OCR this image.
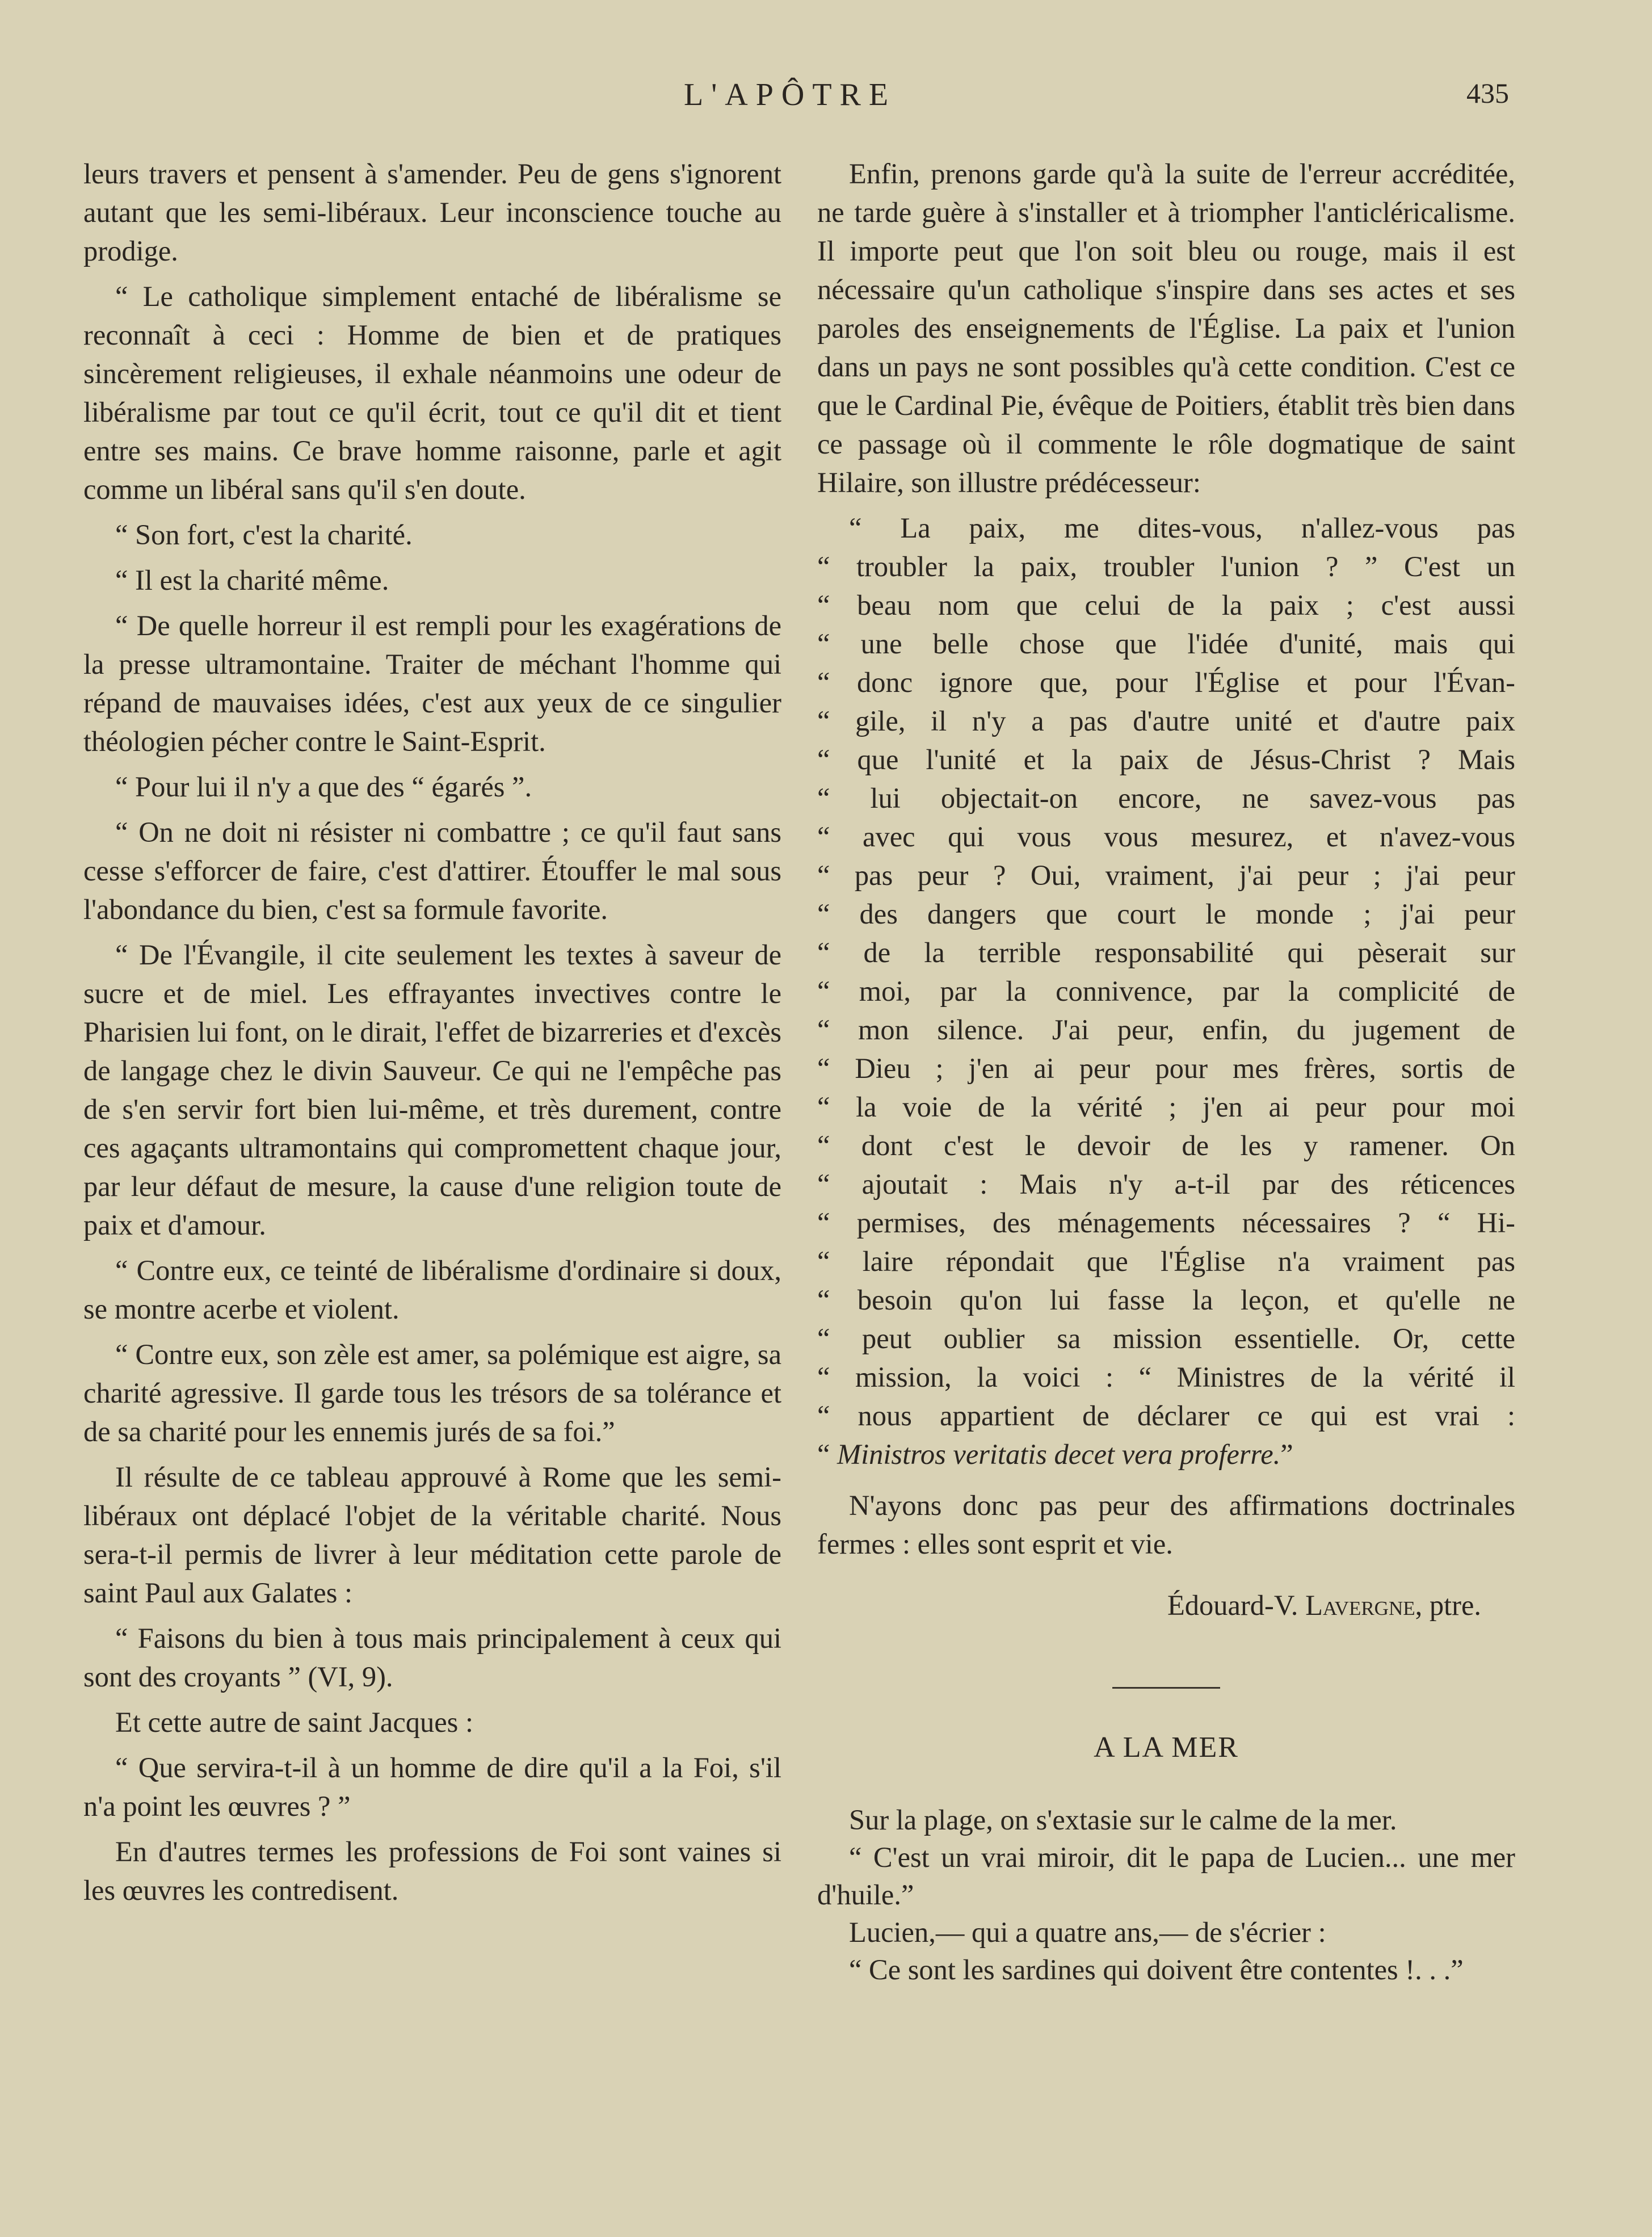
L'APÔTRE	435

leurs travers et pensent à s'amender. Peu de gens s'ignorent autant que les semi-libéraux. Leur inconscience touche au prodige.

“ Le catholique simplement entaché de libéralisme se reconnaît à ceci : Homme de bien et de pratiques sincèrement religieuses, il exhale néanmoins une odeur de libéralisme par tout ce qu'il écrit, tout ce qu'il dit et tient entre ses mains. Ce brave homme raisonne, parle et agit comme un libéral sans qu'il s'en doute.

“ Son fort, c'est la charité.

“ Il est la charité même.

“ De quelle horreur il est rempli pour les exagérations de la presse ultramontaine. Traiter de méchant l'homme qui répand de mauvaises idées, c'est aux yeux de ce singulier théologien pécher contre le Saint-Esprit.

“ Pour lui il n'y a que des “ égarés ”.

“ On ne doit ni résister ni combattre ; ce qu'il faut sans cesse s'efforcer de faire, c'est d'attirer. Étouffer le mal sous l'abondance du bien, c'est sa formule favorite.

“ De l'Évangile, il cite seulement les textes à saveur de sucre et de miel. Les effrayantes invectives contre le Pharisien lui font, on le dirait, l'effet de bizarreries et d'excès de langage chez le divin Sauveur. Ce qui ne l'empêche pas de s'en servir fort bien lui-même, et très durement, contre ces agaçants ultramontains qui compromettent chaque jour, par leur défaut de mesure, la cause d'une religion toute de paix et d'amour.

“ Contre eux, ce teinté de libéralisme d'ordinaire si doux, se montre acerbe et violent.

“ Contre eux, son zèle est amer, sa polémique est aigre, sa charité agressive. Il garde tous les trésors de sa tolérance et de sa charité pour les ennemis jurés de sa foi.”

Il résulte de ce tableau approuvé à Rome que les semi-libéraux ont déplacé l'objet de la véritable charité. Nous sera-t-il permis de livrer à leur méditation cette parole de saint Paul aux Galates :

“ Faisons du bien à tous mais principalement à ceux qui sont des croyants ” (VI, 9).

Et cette autre de saint Jacques :

“ Que servira-t-il à un homme de dire qu'il a la Foi, s'il n'a point les œuvres ? ”

En d'autres termes les professions de Foi sont vaines si les œuvres les contredisent.

Enfin, prenons garde qu'à la suite de l'erreur accréditée, ne tarde guère à s'installer et à triompher l'anticléricalisme. Il importe peut que l'on soit bleu ou rouge, mais il est nécessaire qu'un catholique s'inspire dans ses actes et ses paroles des enseignements de l'Église. La paix et l'union dans un pays ne sont possibles qu'à cette condition. C'est ce que le Cardinal Pie, évêque de Poitiers, établit très bien dans ce passage où il commente le rôle dogmatique de saint Hilaire, son illustre prédécesseur:

“ La paix, me dites-vous, n'allez-vous pas
“ troubler la paix, troubler l'union ? ” C'est un
“ beau nom que celui de la paix ; c'est aussi
“ une belle chose que l'idée d'unité, mais qui
“ donc ignore que, pour l'Église et pour l'Évan-
“ gile, il n'y a pas d'autre unité et d'autre paix
“ que l'unité et la paix de Jésus-Christ ? Mais
“ lui objectait-on encore, ne savez-vous pas
“ avec qui vous vous mesurez, et n'avez-vous
“ pas peur ? Oui, vraiment, j'ai peur ; j'ai peur
“ des dangers que court le monde ; j'ai peur
“ de la terrible responsabilité qui pèserait sur
“ moi, par la connivence, par la complicité de
“ mon silence. J'ai peur, enfin, du jugement de
“ Dieu ; j'en ai peur pour mes frères, sortis de
“ la voie de la vérité ; j'en ai peur pour moi
“ dont c'est le devoir de les y ramener. On
“ ajoutait : Mais n'y a-t-il par des réticences
“ permises, des ménagements nécessaires ? “ Hi-
“ laire répondait que l'Église n'a vraiment pas
“ besoin qu'on lui fasse la leçon, et qu'elle ne
“ peut oublier sa mission essentielle. Or, cette
“ mission, la voici : “ Ministres de la vérité il
“ nous appartient de déclarer ce qui est vrai :
“ Ministros veritatis decet vera proferre.”

N'ayons donc pas peur des affirmations doctrinales fermes : elles sont esprit et vie.

Édouard-V. Lavergne, ptre.
A LA MER

Sur la plage, on s'extasie sur le calme de la mer.

“ C'est un vrai miroir, dit le papa de Lucien... une mer d'huile.”

Lucien,— qui a quatre ans,— de s'écrier :

“ Ce sont les sardines qui doivent être contentes !. . .”
